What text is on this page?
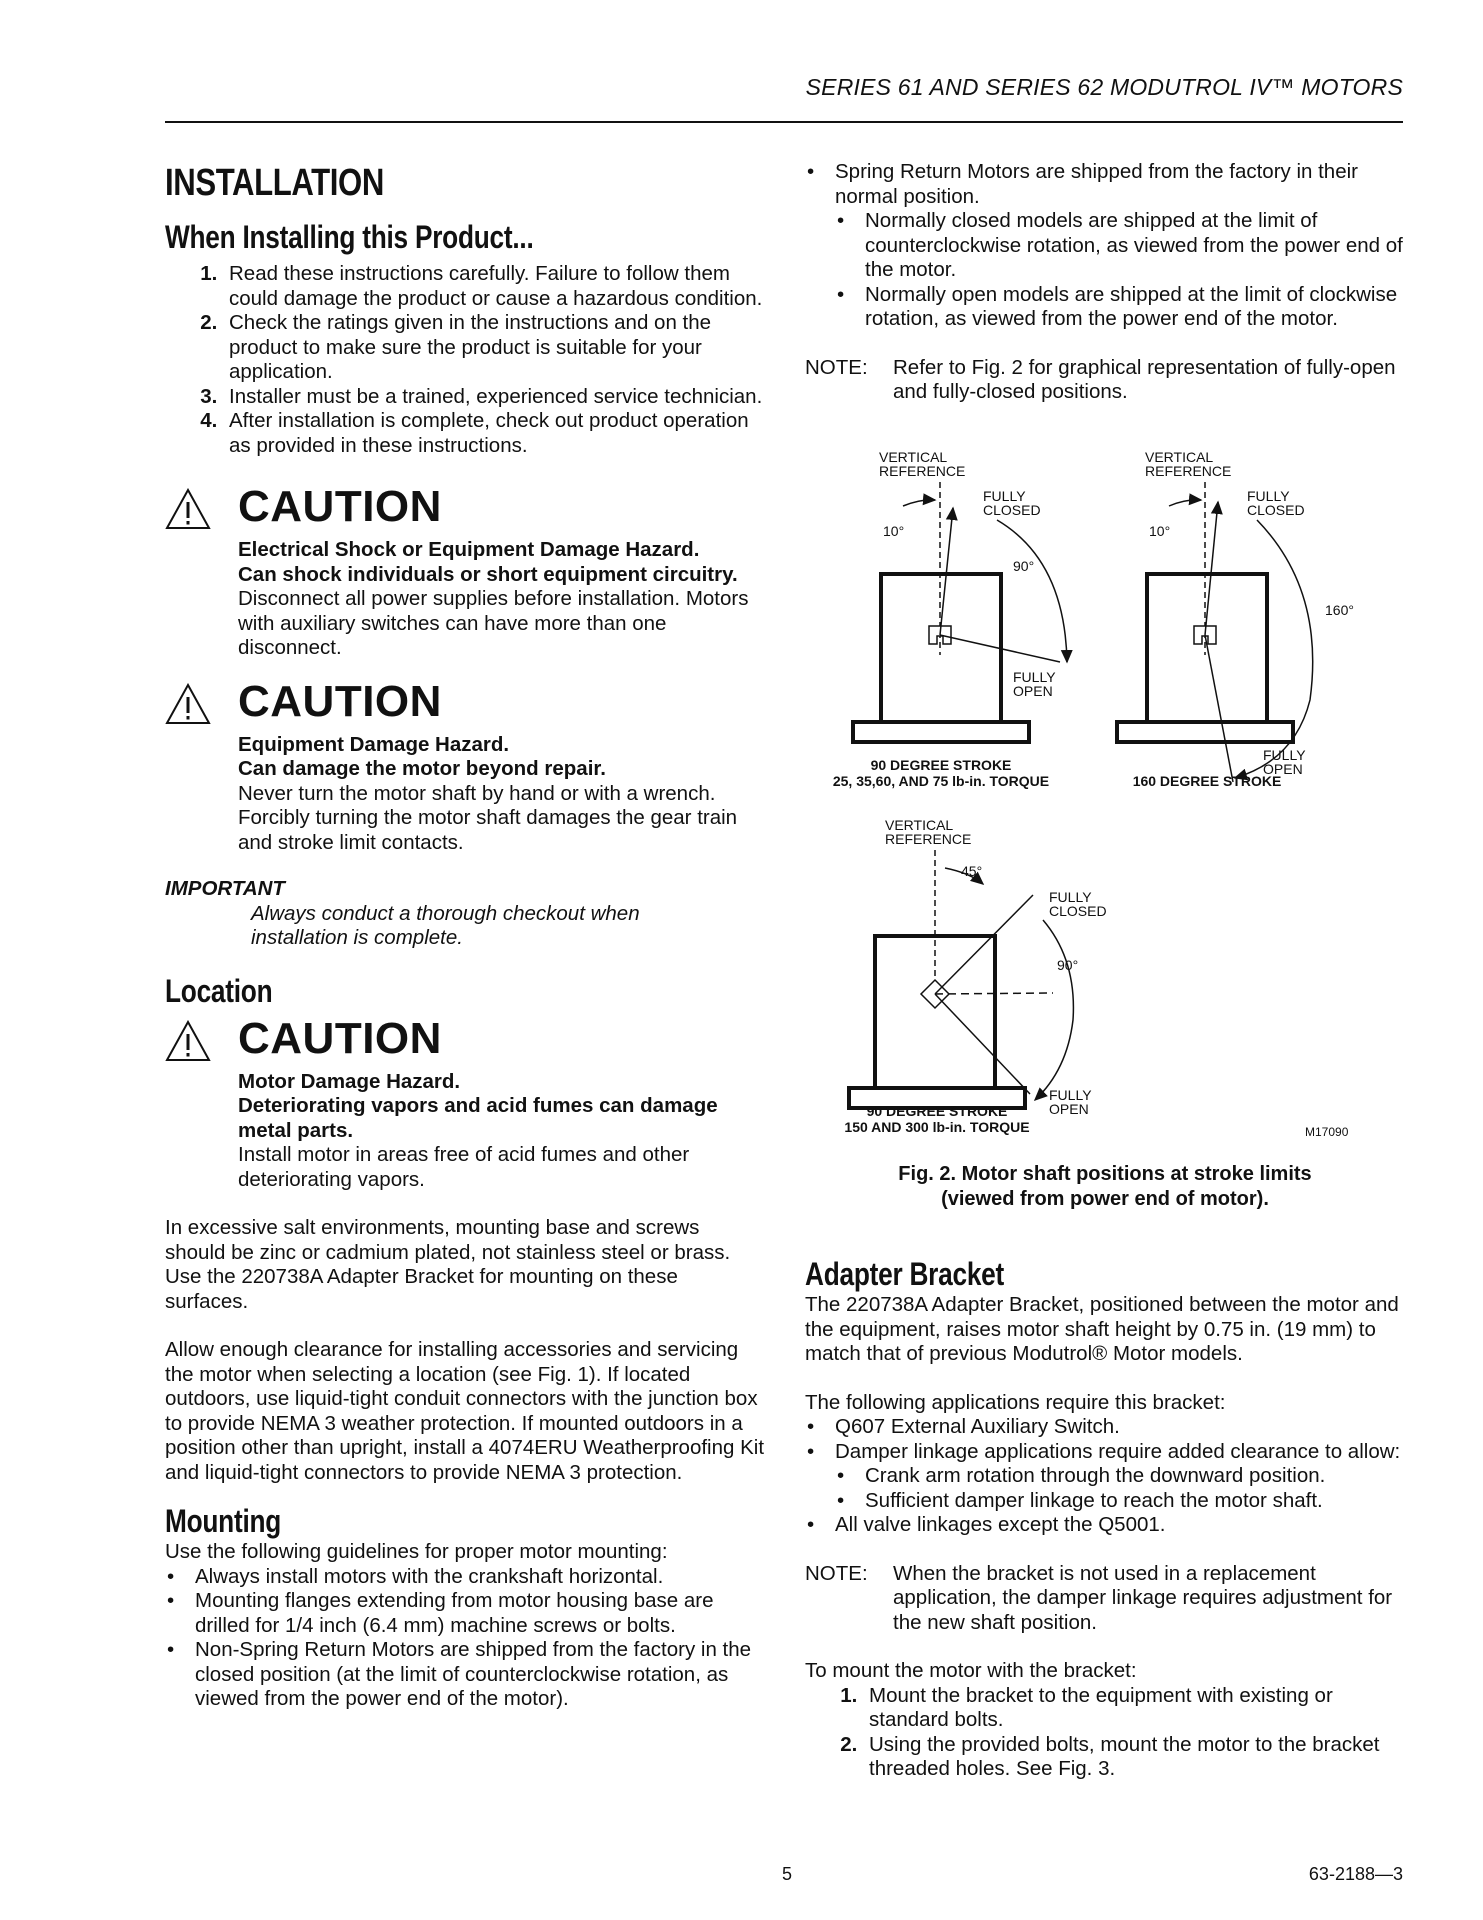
SERIES 61 AND SERIES 62 MODUTROL IV™ MOTORS
INSTALLATION
When Installing this Product...
1. Read these instructions carefully. Failure to follow them could damage the product or cause a hazardous condition.
2. Check the ratings given in the instructions and on the product to make sure the product is suitable for your application.
3. Installer must be a trained, experienced service technician.
4. After installation is complete, check out product operation as provided in these instructions.
CAUTION
Electrical Shock or Equipment Damage Hazard.
Can shock individuals or short equipment circuitry.
Disconnect all power supplies before installation. Motors with auxiliary switches can have more than one disconnect.
CAUTION
Equipment Damage Hazard.
Can damage the motor beyond repair.
Never turn the motor shaft by hand or with a wrench. Forcibly turning the motor shaft damages the gear train and stroke limit contacts.
IMPORTANT
Always conduct a thorough checkout when installation is complete.
Location
CAUTION
Motor Damage Hazard.
Deteriorating vapors and acid fumes can damage metal parts.
Install motor in areas free of acid fumes and other deteriorating vapors.
In excessive salt environments, mounting base and screws should be zinc or cadmium plated, not stainless steel or brass. Use the 220738A Adapter Bracket for mounting on these surfaces.
Allow enough clearance for installing accessories and servicing the motor when selecting a location (see Fig. 1). If located outdoors, use liquid-tight conduit connectors with the junction box to provide NEMA 3 weather protection. If mounted outdoors in a position other than upright, install a 4074ERU Weatherproofing Kit and liquid-tight connectors to provide NEMA 3 protection.
Mounting
Use the following guidelines for proper motor mounting:
• Always install motors with the crankshaft horizontal.
• Mounting flanges extending from motor housing base are drilled for 1/4 inch (6.4 mm) machine screws or bolts.
• Non-Spring Return Motors are shipped from the factory in the closed position (at the limit of counterclockwise rotation, as viewed from the power end of the motor).
• Spring Return Motors are shipped from the factory in their normal position.
• Normally closed models are shipped at the limit of counterclockwise rotation, as viewed from the power end of the motor.
• Normally open models are shipped at the limit of clockwise rotation, as viewed from the power end of the motor.
NOTE:	Refer to Fig. 2 for graphical representation of fully-open and fully-closed positions.
VERTICAL
REFERENCE
10°
FULLY
CLOSED
90°
FULLY
OPEN
90 DEGREE STROKE
25, 35,60, AND 75 lb-in. TORQUE
VERTICAL
REFERENCE
10°
FULLY
CLOSED
160°
FULLY
OPEN
160 DEGREE STROKE
VERTICAL
REFERENCE
45°
FULLY
CLOSED
90°
FULLY
OPEN
90 DEGREE STROKE
150 AND 300 lb-in. TORQUE	M17090
Fig. 2. Motor shaft positions at stroke limits
(viewed from power end of motor).
Adapter Bracket
The 220738A Adapter Bracket, positioned between the motor and the equipment, raises motor shaft height by 0.75 in. (19 mm) to match that of previous Modutrol® Motor models.
The following applications require this bracket:
• Q607 External Auxiliary Switch.
• Damper linkage applications require added clearance to allow:
• Crank arm rotation through the downward position.
• Sufficient damper linkage to reach the motor shaft.
• All valve linkages except the Q5001.
NOTE:	When the bracket is not used in a replacement application, the damper linkage requires adjustment for the new shaft position.
To mount the motor with the bracket:
1. Mount the bracket to the equipment with existing or standard bolts.
2. Using the provided bolts, mount the motor to the bracket threaded holes. See Fig. 3.
5	63-2188—3
